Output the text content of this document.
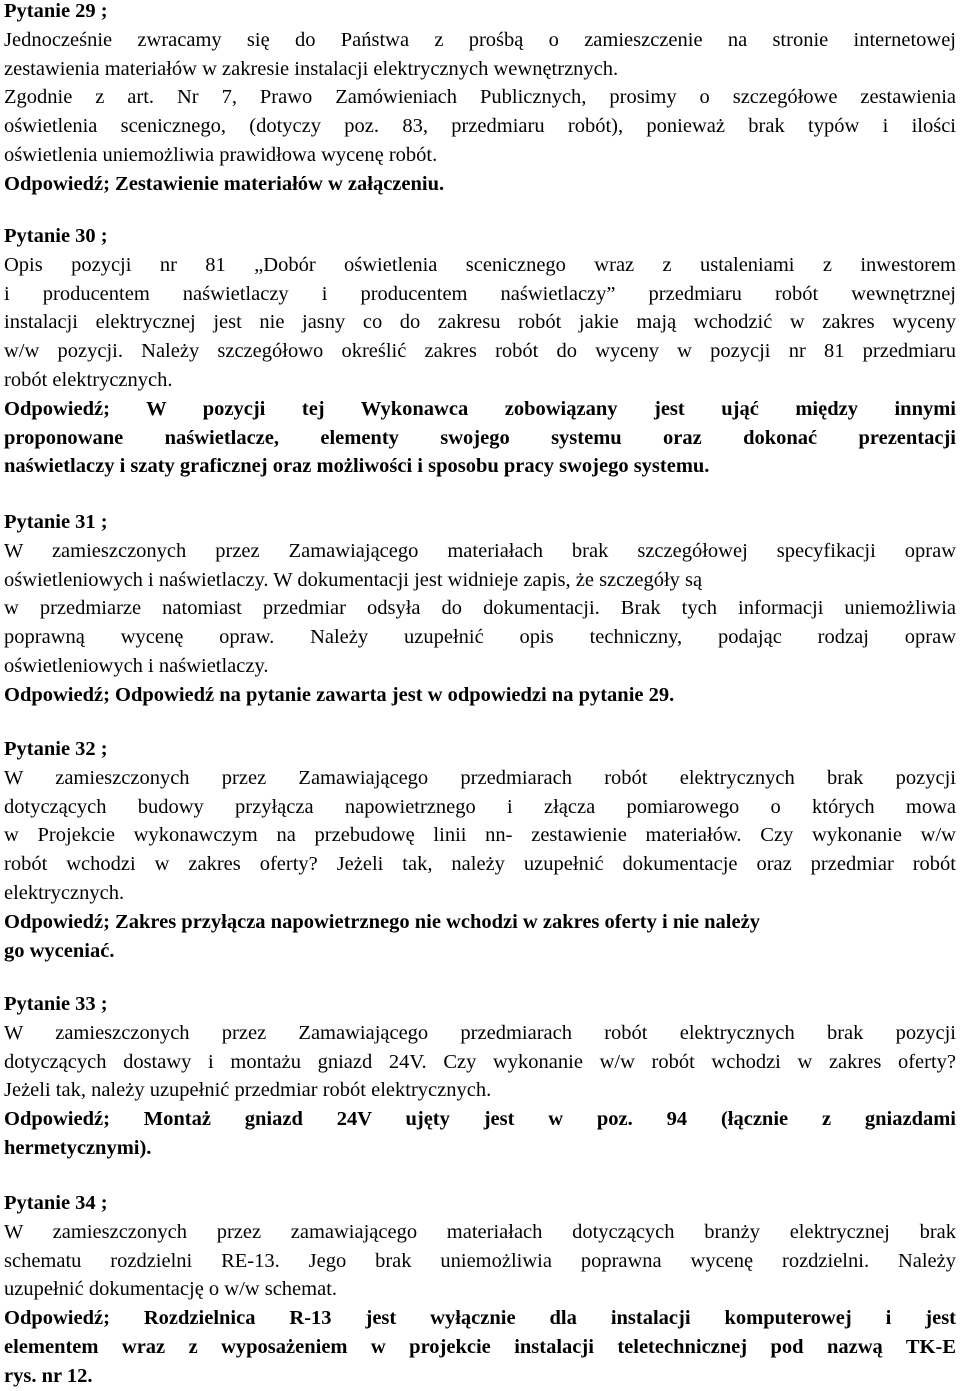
Pytanie 29 ;
Jednocześnie zwracamy się do Państwa z prośbą o zamieszczenie na stronie internetowej
zestawienia materiałów w zakresie instalacji elektrycznych wewnętrznych.
Zgodnie z art. Nr 7, Prawo Zamówieniach Publicznych, prosimy o szczegółowe zestawienia
oświetlenia scenicznego, (dotyczy poz. 83, przedmiaru robót), ponieważ brak typów i ilości
oświetlenia uniemożliwia prawidłowa wycenę robót.
Odpowiedź; Zestawienie materiałów w załączeniu.
Pytanie 30 ;
Opis pozycji nr 81 „Dobór oświetlenia scenicznego wraz z ustaleniami z inwestorem
i producentem naświetlaczy i producentem naświetlaczy” przedmiaru robót wewnętrznej
instalacji elektrycznej jest nie jasny co do zakresu robót jakie mają wchodzić w zakres wyceny
w/w pozycji. Należy szczegółowo określić zakres robót do wyceny w pozycji nr 81 przedmiaru
robót elektrycznych.
Odpowiedź; W pozycji tej Wykonawca zobowiązany jest ująć między innymi
proponowane naświetlacze, elementy swojego systemu oraz dokonać prezentacji
naświetlaczy i szaty graficznej oraz możliwości i sposobu pracy swojego systemu.
Pytanie 31 ;
W zamieszczonych przez Zamawiającego materiałach brak szczegółowej specyfikacji opraw
oświetleniowych i naświetlaczy. W dokumentacji jest widnieje zapis, że szczegóły są
w przedmiarze natomiast przedmiar odsyła do dokumentacji. Brak tych informacji uniemożliwia
poprawną wycenę opraw. Należy uzupełnić opis techniczny, podając rodzaj opraw
oświetleniowych i naświetlaczy.
Odpowiedź; Odpowiedź na pytanie zawarta jest w odpowiedzi na pytanie 29.
Pytanie 32 ;
W zamieszczonych przez Zamawiającego przedmiarach robót elektrycznych brak pozycji
dotyczących budowy przyłącza napowietrznego i złącza pomiarowego o których mowa
w Projekcie wykonawczym na przebudowę linii nn- zestawienie materiałów. Czy wykonanie w/w
robót wchodzi w zakres oferty? Jeżeli tak, należy uzupełnić dokumentacje oraz przedmiar robót
elektrycznych.
Odpowiedź; Zakres przyłącza napowietrznego nie wchodzi w zakres oferty i nie należy
go wyceniać.
Pytanie 33 ;
W zamieszczonych przez Zamawiającego przedmiarach robót elektrycznych brak pozycji
dotyczących dostawy i montażu gniazd 24V. Czy wykonanie w/w robót wchodzi w zakres oferty?
Jeżeli tak, należy uzupełnić przedmiar robót elektrycznych.
Odpowiedź; Montaż gniazd 24V ujęty jest w poz. 94 (łącznie z gniazdami
hermetycznymi).
Pytanie 34 ;
W zamieszczonych przez zamawiającego materiałach dotyczących branży elektrycznej brak
schematu rozdzielni RE-13. Jego brak uniemożliwia poprawna wycenę rozdzielni. Należy
uzupełnić dokumentację o w/w schemat.
Odpowiedź; Rozdzielnica R-13 jest wyłącznie dla instalacji komputerowej i jest
elementem wraz z wyposażeniem w projekcie instalacji teletechnicznej pod nazwą TK-E
rys. nr 12.
